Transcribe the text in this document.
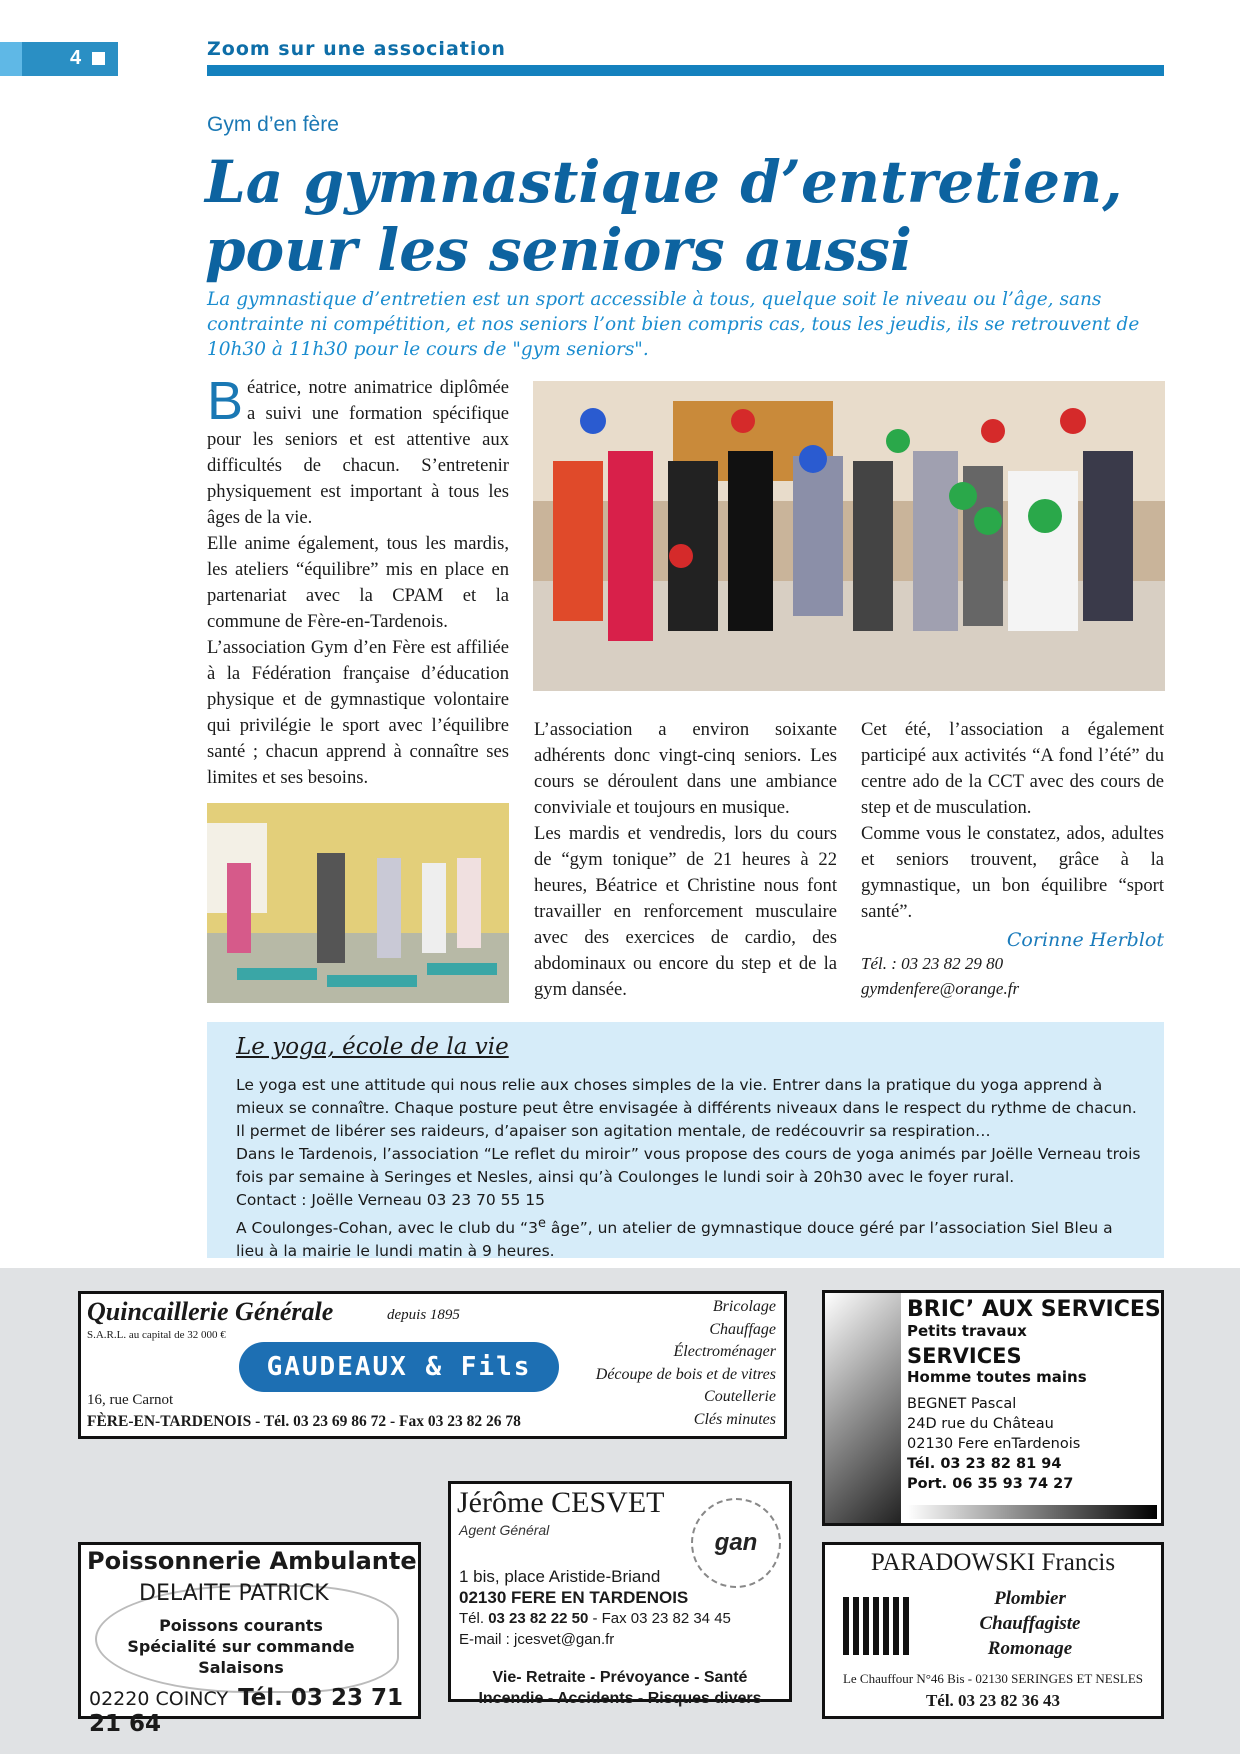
4	Zoom sur une association
Gym d’en fère
La gymnastique d’entretien,
pour les seniors aussi

La gymnastique d’entretien est un sport accessible à tous, quelque soit le niveau ou l’âge, sans contrainte ni compétition, et nos seniors l’ont bien compris cas, tous les jeudis, ils se retrouvent de 10h30 à 11h30 pour le cours de "gym seniors".

Béatrice, notre animatrice diplômée a suivi une formation spécifique pour les seniors et est attentive aux difficultés de chacun. S’entretenir physiquement est important à tous les âges de la vie.

Elle anime également, tous les mardis, les ateliers “équilibre” mis en place en partenariat avec la CPAM et la commune de Fère-en-Tardenois.

L’association Gym d’en Fère est affiliée à la Fédération française d’éducation physique et de gymnastique volontaire qui privilégie le sport avec l’équilibre santé ; chacun apprend à connaître ses limites et ses besoins.

L’association a environ soixante adhérents donc vingt-cinq seniors. Les cours se déroulent dans une ambiance conviviale et toujours en musique.

Les mardis et vendredis, lors du cours de “gym tonique” de 21 heures à 22 heures, Béatrice et Christine nous font travailler en renforcement musculaire avec des exercices de cardio, des abdominaux ou encore du step et de la gym dansée.

Cet été, l’association a également participé aux activités “A fond l’été” du centre ado de la CCT avec des cours de step et de musculation.

Comme vous le constatez, ados, adultes et seniors trouvent, grâce à la gymnastique, un bon équilibre “sport santé”.

Corinne Herblot
Tél. : 03 23 82 29 80
gymdenfere@orange.fr
Le yoga, école de la vie

Le yoga est une attitude qui nous relie aux choses simples de la vie. Entrer dans la pratique du yoga apprend à mieux se connaître. Chaque posture peut être envisagée à différents niveaux dans le respect du rythme de chacun. Il permet de libérer ses raideurs, d’apaiser son agitation mentale, de redécouvrir sa respiration…

Dans le Tardenois, l’association “Le reflet du miroir” vous propose des cours de yoga animés par Joëlle Verneau trois fois par semaine à Seringes et Nesles, ainsi qu’à Coulonges le lundi soir à 20h30 avec le foyer rural.

Contact : Joëlle Verneau 03 23 70 55 15

A Coulonges-Cohan, avec le club du “3e âge”, un atelier de gymnastique douce géré par l’association Siel Bleu a lieu à la mairie le lundi matin à 9 heures.

Quincaillerie Générale	depuis 1895
S.A.R.L. au capital de 32 000 €
GAUDEAUX & Fils
16, rue Carnot
FÈRE-EN-TARDENOIS - Tél. 03 23 69 86 72 - Fax 03 23 82 26 78
Bricolage
Chauffage
Électroménager
Découpe de bois et de vitres
Coutellerie
Clés minutes
BRIC’ AUX SERVICES
Petits travaux
SERVICES
Homme toutes mains
BEGNET Pascal
24D rue du Château
02130 Fere enTardenois
Tél. 03 23 82 81 94
Port. 06 35 93 74 27
Jérôme CESVET
Agent Général	gan
1 bis, place Aristide-Briand
02130 FERE EN TARDENOIS
Tél. 03 23 82 22 50 - Fax 03 23 82 34 45
E-mail : jcesvet@gan.fr
Vie- Retraite - Prévoyance - Santé
Incendie - Accidents - Risques divers
Poissonnerie Ambulante
DELAITE PATRICK
Poissons courants
Spécialité sur commande
Salaisons
02220 COINCY Tél. 03 23 71 21 64
PARADOWSKI Francis
Plombier
Chauffagiste
Romonage
Le Chauffour N°46 Bis - 02130 SERINGES ET NESLES
Tél. 03 23 82 36 43
